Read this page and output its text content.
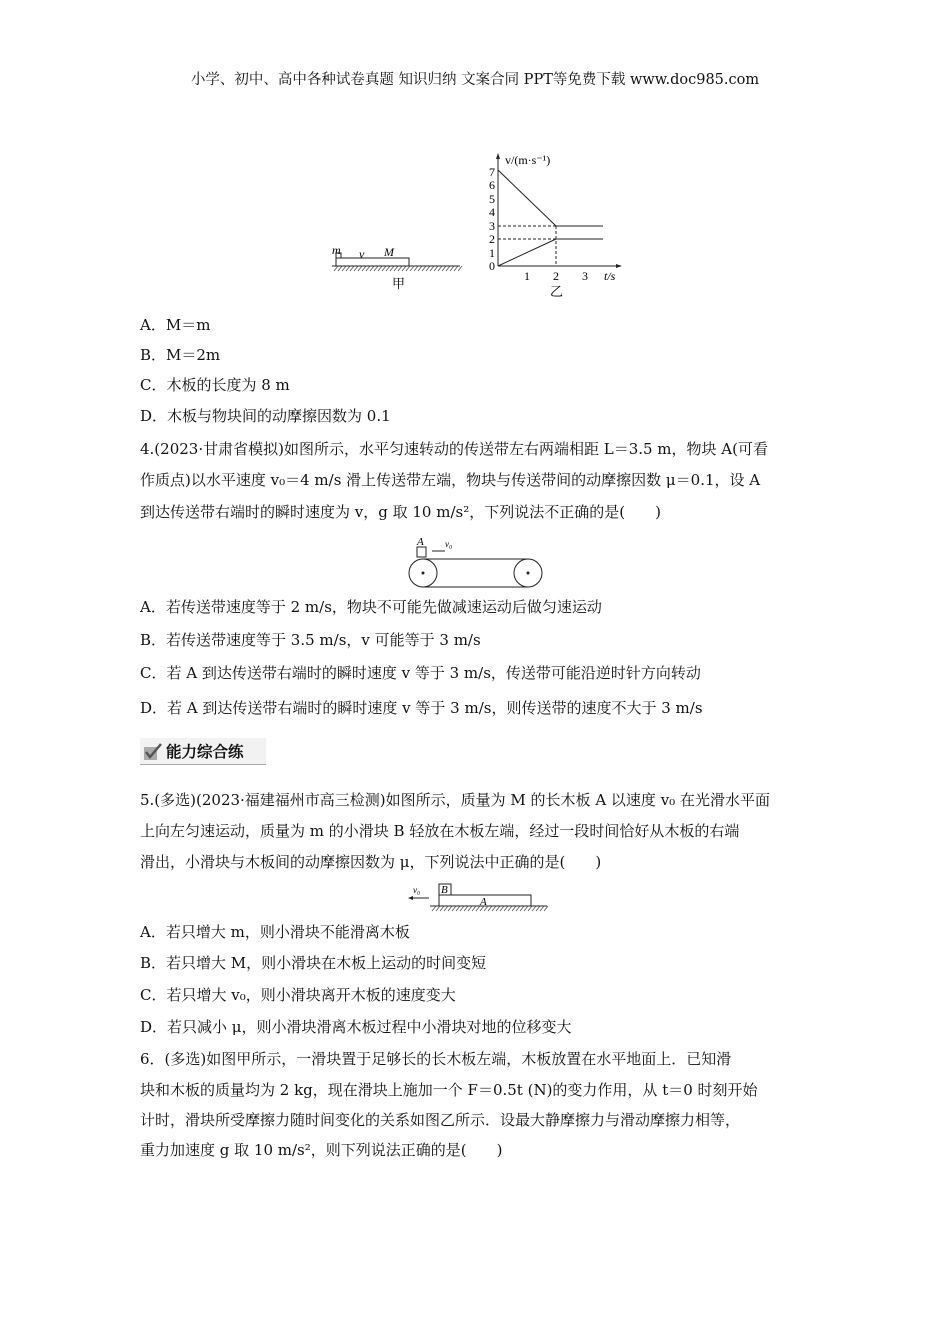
小学、初中、高中各种试卷真题 知识归纳 文案合同 PPT等免费下载 www.doc985.com
m v M
甲
v/(m·s⁻¹)
0
1
2
3
4
5
6
7
1 2 3 t/s
乙
A．M＝m
B．M＝2m
C．木板的长度为 8 m
D．木板与物块间的动摩擦因数为 0.1
4.(2023·甘肃省模拟)如图所示，水平匀速转动的传送带左右两端相距 L＝3.5 m，物块 A(可看
作质点)以水平速度 v₀＝4 m/s 滑上传送带左端，物块与传送带间的动摩擦因数 μ＝0.1，设 A
到达传送带右端时的瞬时速度为 v，g 取 10 m/s²，下列说法不正确的是(　　)
A v₀
A．若传送带速度等于 2 m/s，物块不可能先做减速运动后做匀速运动
B．若传送带速度等于 3.5 m/s，v 可能等于 3 m/s
C．若 A 到达传送带右端时的瞬时速度 v 等于 3 m/s，传送带可能沿逆时针方向转动
D．若 A 到达传送带右端时的瞬时速度 v 等于 3 m/s，则传送带的速度不大于 3 m/s
能力综合练
5.(多选)(2023·福建福州市高三检测)如图所示，质量为 M 的长木板 A 以速度 v₀ 在光滑水平面
上向左匀速运动，质量为 m 的小滑块 B 轻放在木板左端，经过一段时间恰好从木板的右端
滑出，小滑块与木板间的动摩擦因数为 μ，下列说法中正确的是(　　)
v₀ B
A
A．若只增大 m，则小滑块不能滑离木板
B．若只增大 M，则小滑块在木板上运动的时间变短
C．若只增大 v₀，则小滑块离开木板的速度变大
D．若只减小 μ，则小滑块滑离木板过程中小滑块对地的位移变大
6．(多选)如图甲所示，一滑块置于足够长的长木板左端，木板放置在水平地面上．已知滑
块和木板的质量均为 2 kg，现在滑块上施加一个 F＝0.5t (N)的变力作用，从 t＝0 时刻开始
计时，滑块所受摩擦力随时间变化的关系如图乙所示．设最大静摩擦力与滑动摩擦力相等，
重力加速度 g 取 10 m/s²，则下列说法正确的是(　　)
